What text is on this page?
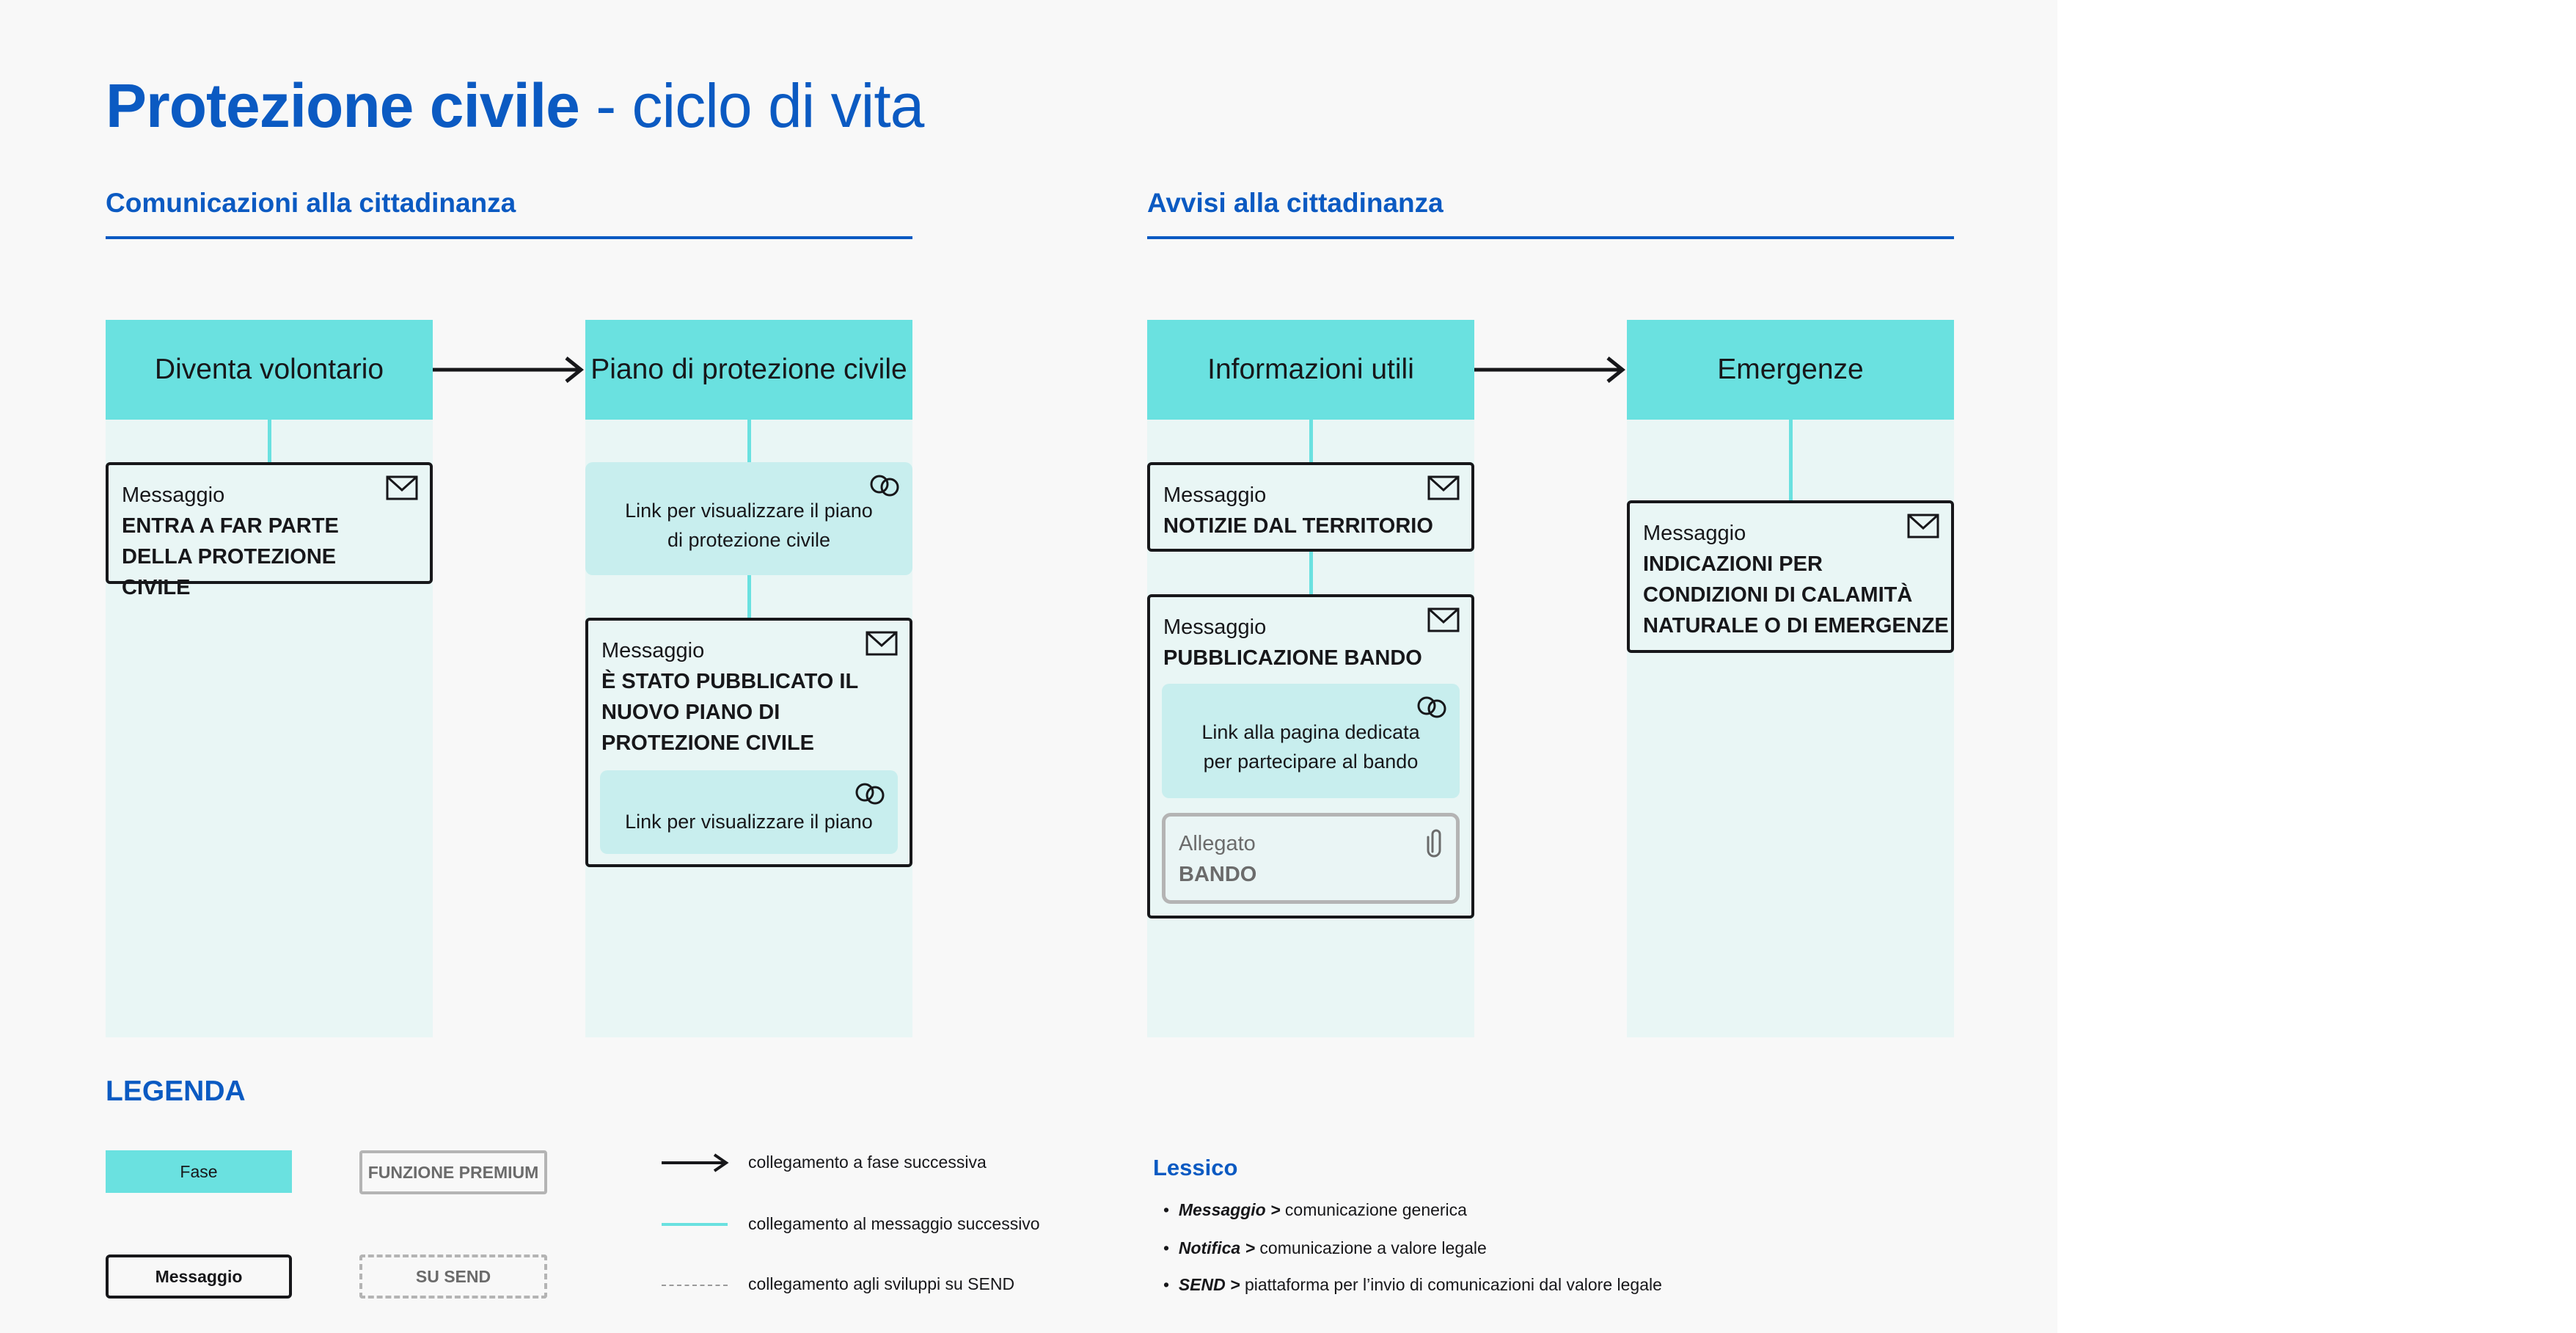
Protezione civile - ciclo di vita
Comunicazioni alla cittadinanza	Avvisi alla cittadinanza
Diventa volontario	Piano di protezione civile	Informazioni utili	Emergenze
Messaggio
ENTRA A FAR PARTE DELLA PROTEZIONE CIVILE
Link per visualizzare il piano di protezione civile
Messaggio
È STATO PUBBLICATO IL NUOVO PIANO DI PROTEZIONE CIVILE
Link per visualizzare il piano
Messaggio
NOTIZIE DAL TERRITORIO
Messaggio
PUBBLICAZIONE BANDO
Link alla pagina dedicata per partecipare al bando
Allegato
BANDO
Messaggio
INDICAZIONI PER CONDIZIONI DI CALAMITÀ NATURALE O DI EMERGENZE
LEGENDA
Fase	FUNZIONE PREMIUM
Messaggio	SU SEND
collegamento a fase successiva
collegamento al messaggio successivo
collegamento agli sviluppi su SEND
Lessico
•  Messaggio > comunicazione generica
•  Notifica > comunicazione a valore legale
•  SEND > piattaforma per l’invio di comunicazioni dal valore legale
